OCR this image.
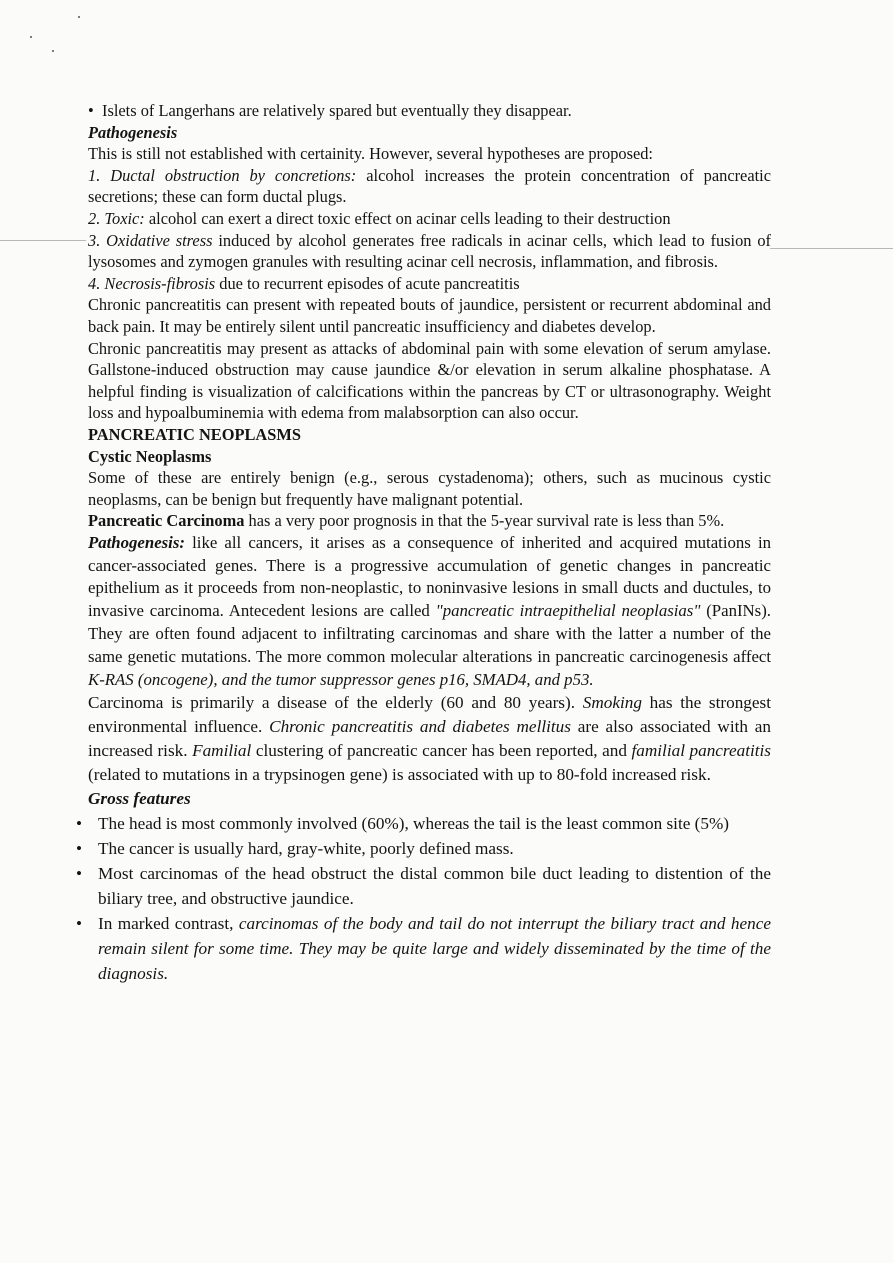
• Islets of Langerhans are relatively spared but eventually they disappear.

Pathogenesis

This is still not established with certainity. However, several hypotheses are proposed:

1. Ductal obstruction by concretions: alcohol increases the protein concentration of pancreatic secretions; these can form ductal plugs.

2. Toxic: alcohol can exert a direct toxic effect on acinar cells leading to their destruction

3. Oxidative stress induced by alcohol generates free radicals in acinar cells, which lead to fusion of lysosomes and zymogen granules with resulting acinar cell necrosis, inflammation, and fibrosis.

4. Necrosis-fibrosis due to recurrent episodes of acute pancreatitis

Chronic pancreatitis can present with repeated bouts of jaundice, persistent or recurrent abdominal and back pain. It may be entirely silent until pancreatic insufficiency and diabetes develop.

Chronic pancreatitis may present as attacks of abdominal pain with some elevation of serum amylase. Gallstone-induced obstruction may cause jaundice &/or elevation in serum alkaline phosphatase. A helpful finding is visualization of calcifications within the pancreas by CT or ultrasonography. Weight loss and hypoalbuminemia with edema from malabsorption can also occur.

PANCREATIC NEOPLASMS

Cystic Neoplasms

Some of these are entirely benign (e.g., serous cystadenoma); others, such as mucinous cystic neoplasms, can be benign but frequently have malignant potential.

Pancreatic Carcinoma has a very poor prognosis in that the 5-year survival rate is less than 5%.

Pathogenesis: like all cancers, it arises as a consequence of inherited and acquired mutations in cancer-associated genes. There is a progressive accumulation of genetic changes in pancreatic epithelium as it proceeds from non-neoplastic, to noninvasive lesions in small ducts and ductules, to invasive carcinoma. Antecedent lesions are called "pancreatic intraepithelial neoplasias" (PanINs). They are often found adjacent to infiltrating carcinomas and share with the latter a number of the same genetic mutations. The more common molecular alterations in pancreatic carcinogenesis affect K-RAS (oncogene), and the tumor suppressor genes p16, SMAD4, and p53.

Carcinoma is primarily a disease of the elderly (60 and 80 years). Smoking has the strongest environmental influence. Chronic pancreatitis and diabetes mellitus are also associated with an increased risk. Familial clustering of pancreatic cancer has been reported, and familial pancreatitis (related to mutations in a trypsinogen gene) is associated with up to 80-fold increased risk.

Gross features

• The head is most commonly involved (60%), whereas the tail is the least common site (5%)
• The cancer is usually hard, gray-white, poorly defined mass.
• Most carcinomas of the head obstruct the distal common bile duct leading to distention of the biliary tree, and obstructive jaundice.
• In marked contrast, carcinomas of the body and tail do not interrupt the biliary tract and hence remain silent for some time. They may be quite large and widely disseminated by the time of the diagnosis.
